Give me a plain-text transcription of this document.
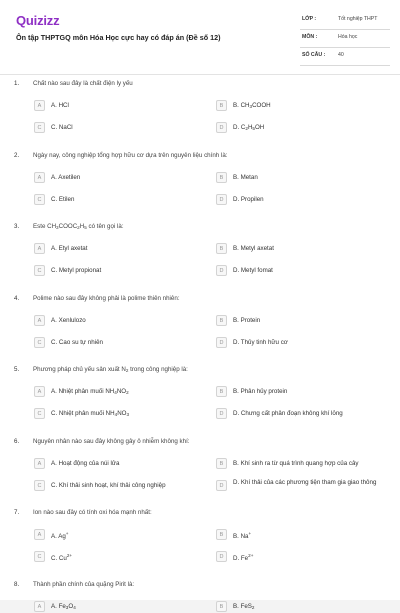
Quizizz
Ôn tập THPTGQ môn Hóa Học cực hay có đáp án (Đề số 12)
LỚP :	Tốt nghiệp THPT
MÔN :	Hóa học
SỐ CÂU : 40
1. Chất nào sau đây là chất điện ly yếu
A	A. HCl	B	B. $CH_3COOH$
C	C. NaCl	D	D. $C_2H_5OH$
2. Ngày nay, công nghiệp tổng hợp hữu cơ dựa trên nguyên liệu chính là:
A	A. Axetilen	B	B. Metan
C	C. Etilen	D	D. Propilen
3. Este $CH_3COOC_2H_5$ có tên gọi là:
A	A. Etyl axetat	B	B. Metyl axetat
C	C. Metyl propionat	D	D. Metyl fomat
4. Polime nào sau đây không phải là polime thiên nhiên:
A	A. Xenlulozo	B	B. Protein
C	C. Cao su tự nhiên	D	D. Thủy tinh hữu cơ
5. Phương pháp chủ yếu sản xuất $N_2$ trong công nghiệp là:
A	A. Nhiệt phân muối $NH_4NO_2$	B	B. Phân hủy protein
C	C. Nhiệt phân muối $NH_4NO_3$	D	D. Chưng cất phân đoạn không khí lỏng
6. Nguyên nhân nào sau đây không gây ô nhiễm không khí:
A	A. Hoạt động của núi lửa	B	B. Khí sinh ra từ quá trình quang hợp của cây
C	C. Khí thải sinh hoạt, khí thải công nghiệp	D	D. Khí thải của các phương tiện tham gia giao thông
7. Ion nào sau đây có tính oxi hóa mạnh nhất:
A	A. Ag+	B	B. Na+
C	C. $Cu^{2+}$	D	D. $Fe^{2+}$
8. Thành phần chính của quặng Pirit là:
A	A. $Fe_3O_4$	B	B. FeS$_2$
